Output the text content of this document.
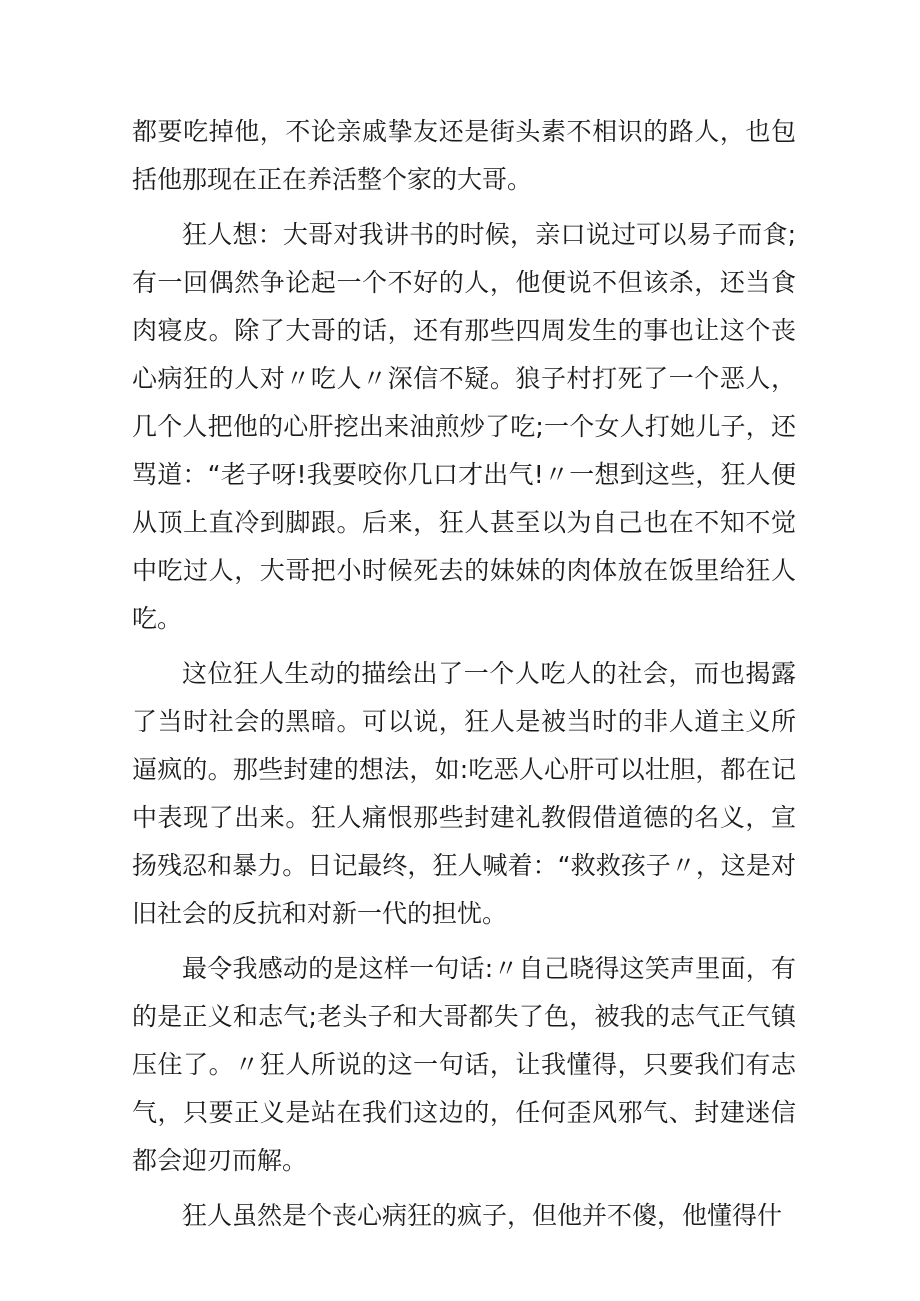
都要吃掉他，不论亲戚挚友还是街头素不相识的路人，也包括他那现在正在养活整个家的大哥。

狂人想：大哥对我讲书的时候，亲口说过可以易子而食;有一回偶然争论起一个不好的人，他便说不但该杀，还当食肉寝皮。除了大哥的话，还有那些四周发生的事也让这个丧心病狂的人对〃吃人〃深信不疑。狼子村打死了一个恶人，几个人把他的心肝挖出来油煎炒了吃;一个女人打她儿子，还骂道：“老子呀!我要咬你几口才出气!〃一想到这些，狂人便从顶上直冷到脚跟。后来，狂人甚至以为自己也在不知不觉中吃过人，大哥把小时候死去的妹妹的肉体放在饭里给狂人吃。

这位狂人生动的描绘出了一个人吃人的社会，而也揭露了当时社会的黑暗。可以说，狂人是被当时的非人道主义所逼疯的。那些封建的想法，如:吃恶人心肝可以壮胆，都在记中表现了出来。狂人痛恨那些封建礼教假借道德的名义，宣扬残忍和暴力。日记最终，狂人喊着：“救救孩子〃，这是对旧社会的反抗和对新一代的担忧。

最令我感动的是这样一句话:〃自己晓得这笑声里面，有的是正义和志气;老头子和大哥都失了色，被我的志气正气镇压住了。〃狂人所说的这一句话，让我懂得，只要我们有志气，只要正义是站在我们这边的，任何歪风邪气、封建迷信都会迎刃而解。

狂人虽然是个丧心病狂的疯子，但他并不傻，他懂得什
